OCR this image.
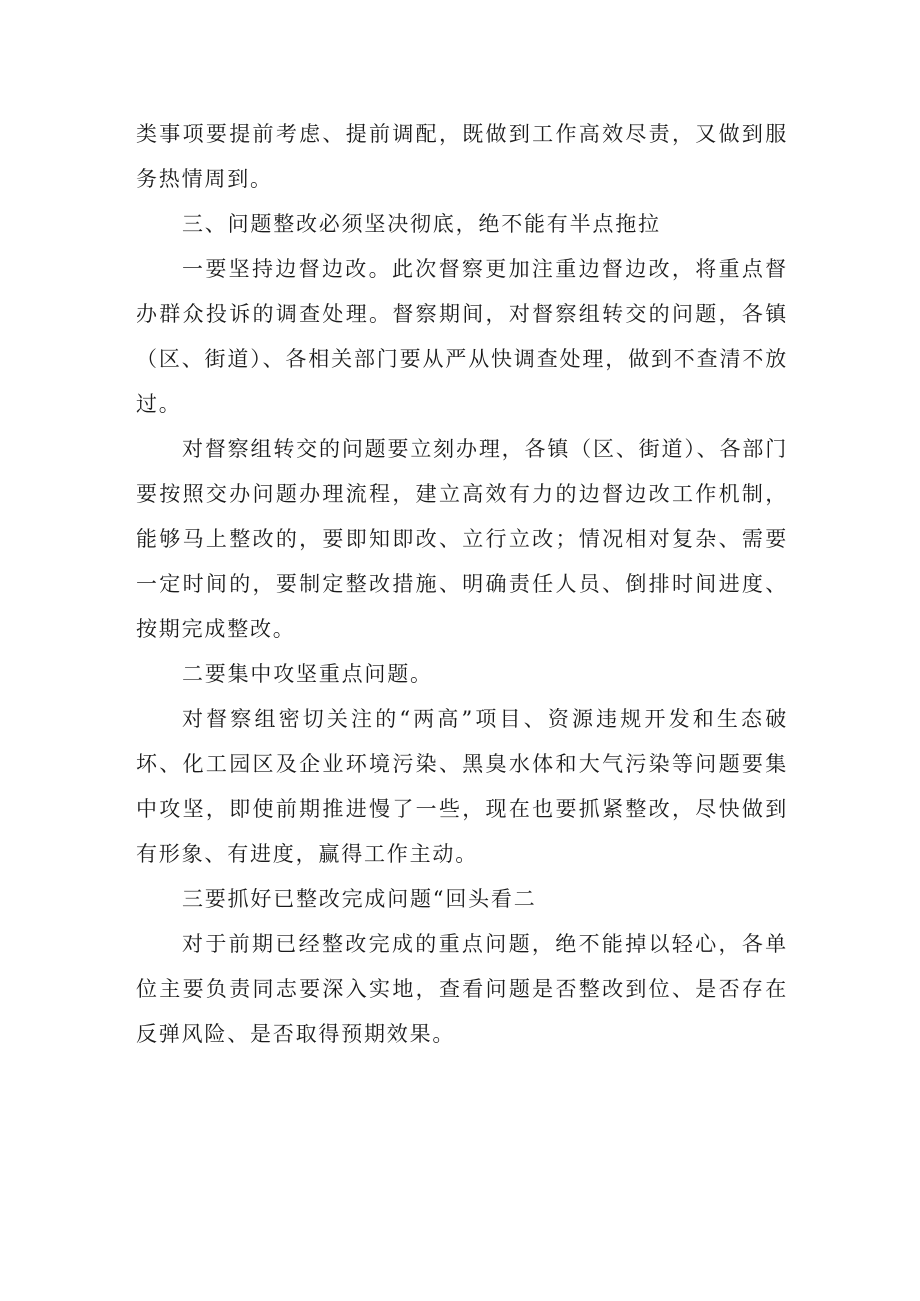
类事项要提前考虑、提前调配，既做到工作高效尽责，又做到服务热情周到。

三、问题整改必须坚决彻底，绝不能有半点拖拉

一要坚持边督边改。此次督察更加注重边督边改，将重点督办群众投诉的调查处理。督察期间，对督察组转交的问题，各镇（区、街道）、各相关部门要从严从快调查处理，做到不查清不放过。

对督察组转交的问题要立刻办理，各镇（区、街道）、各部门要按照交办问题办理流程，建立高效有力的边督边改工作机制，能够马上整改的，要即知即改、立行立改；情况相对复杂、需要一定时间的，要制定整改措施、明确责任人员、倒排时间进度、按期完成整改。

二要集中攻坚重点问题。

对督察组密切关注的“两高”项目、资源违规开发和生态破坏、化工园区及企业环境污染、黑臭水体和大气污染等问题要集中攻坚，即使前期推进慢了一些，现在也要抓紧整改，尽快做到有形象、有进度，赢得工作主动。

三要抓好已整改完成问题“回头看二

对于前期已经整改完成的重点问题，绝不能掉以轻心，各单位主要负责同志要深入实地，查看问题是否整改到位、是否存在反弹风险、是否取得预期效果。
